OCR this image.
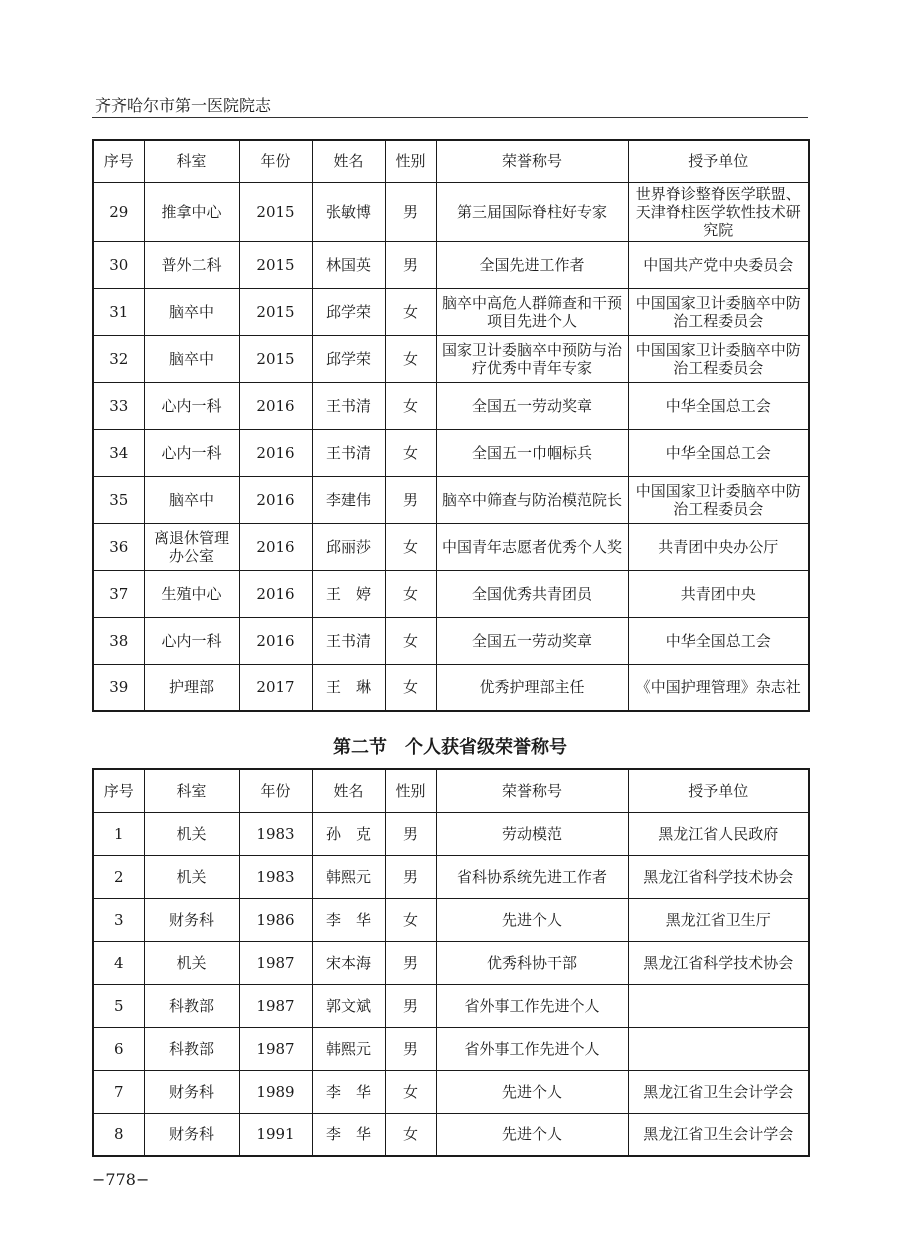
齐齐哈尔市第一医院院志
序号	科室	年份	姓名	性别	荣誉称号	授予单位
29	推拿中心	2015	张敏博	男	第三届国际脊柱好专家	世界脊诊整脊医学联盟、天津脊柱医学软性技术研究院
30	普外二科	2015	林国英	男	全国先进工作者	中国共产党中央委员会
31	脑卒中	2015	邱学荣	女	脑卒中高危人群筛查和干预项目先进个人	中国国家卫计委脑卒中防治工程委员会
32	脑卒中	2015	邱学荣	女	国家卫计委脑卒中预防与治疗优秀中青年专家	中国国家卫计委脑卒中防治工程委员会
33	心内一科	2016	王书清	女	全国五一劳动奖章	中华全国总工会
34	心内一科	2016	王书清	女	全国五一巾帼标兵	中华全国总工会
35	脑卒中	2016	李建伟	男	脑卒中筛查与防治模范院长	中国国家卫计委脑卒中防治工程委员会
36	离退休管理办公室	2016	邱丽莎	女	中国青年志愿者优秀个人奖	共青团中央办公厅
37	生殖中心	2016	王　婷	女	全国优秀共青团员	共青团中央
38	心内一科	2016	王书清	女	全国五一劳动奖章	中华全国总工会
39	护理部	2017	王　琳	女	优秀护理部主任	《中国护理管理》杂志社
第二节　个人获省级荣誉称号
序号	科室	年份	姓名	性别	荣誉称号	授予单位
1	机关	1983	孙　克	男	劳动模范	黑龙江省人民政府
2	机关	1983	韩熙元	男	省科协系统先进工作者	黑龙江省科学技术协会
3	财务科	1986	李　华	女	先进个人	黑龙江省卫生厅
4	机关	1987	宋本海	男	优秀科协干部	黑龙江省科学技术协会
5	科教部	1987	郭文斌	男	省外事工作先进个人	
6	科教部	1987	韩熙元	男	省外事工作先进个人	
7	财务科	1989	李　华	女	先进个人	黑龙江省卫生会计学会
8	财务科	1991	李　华	女	先进个人	黑龙江省卫生会计学会
−778−
